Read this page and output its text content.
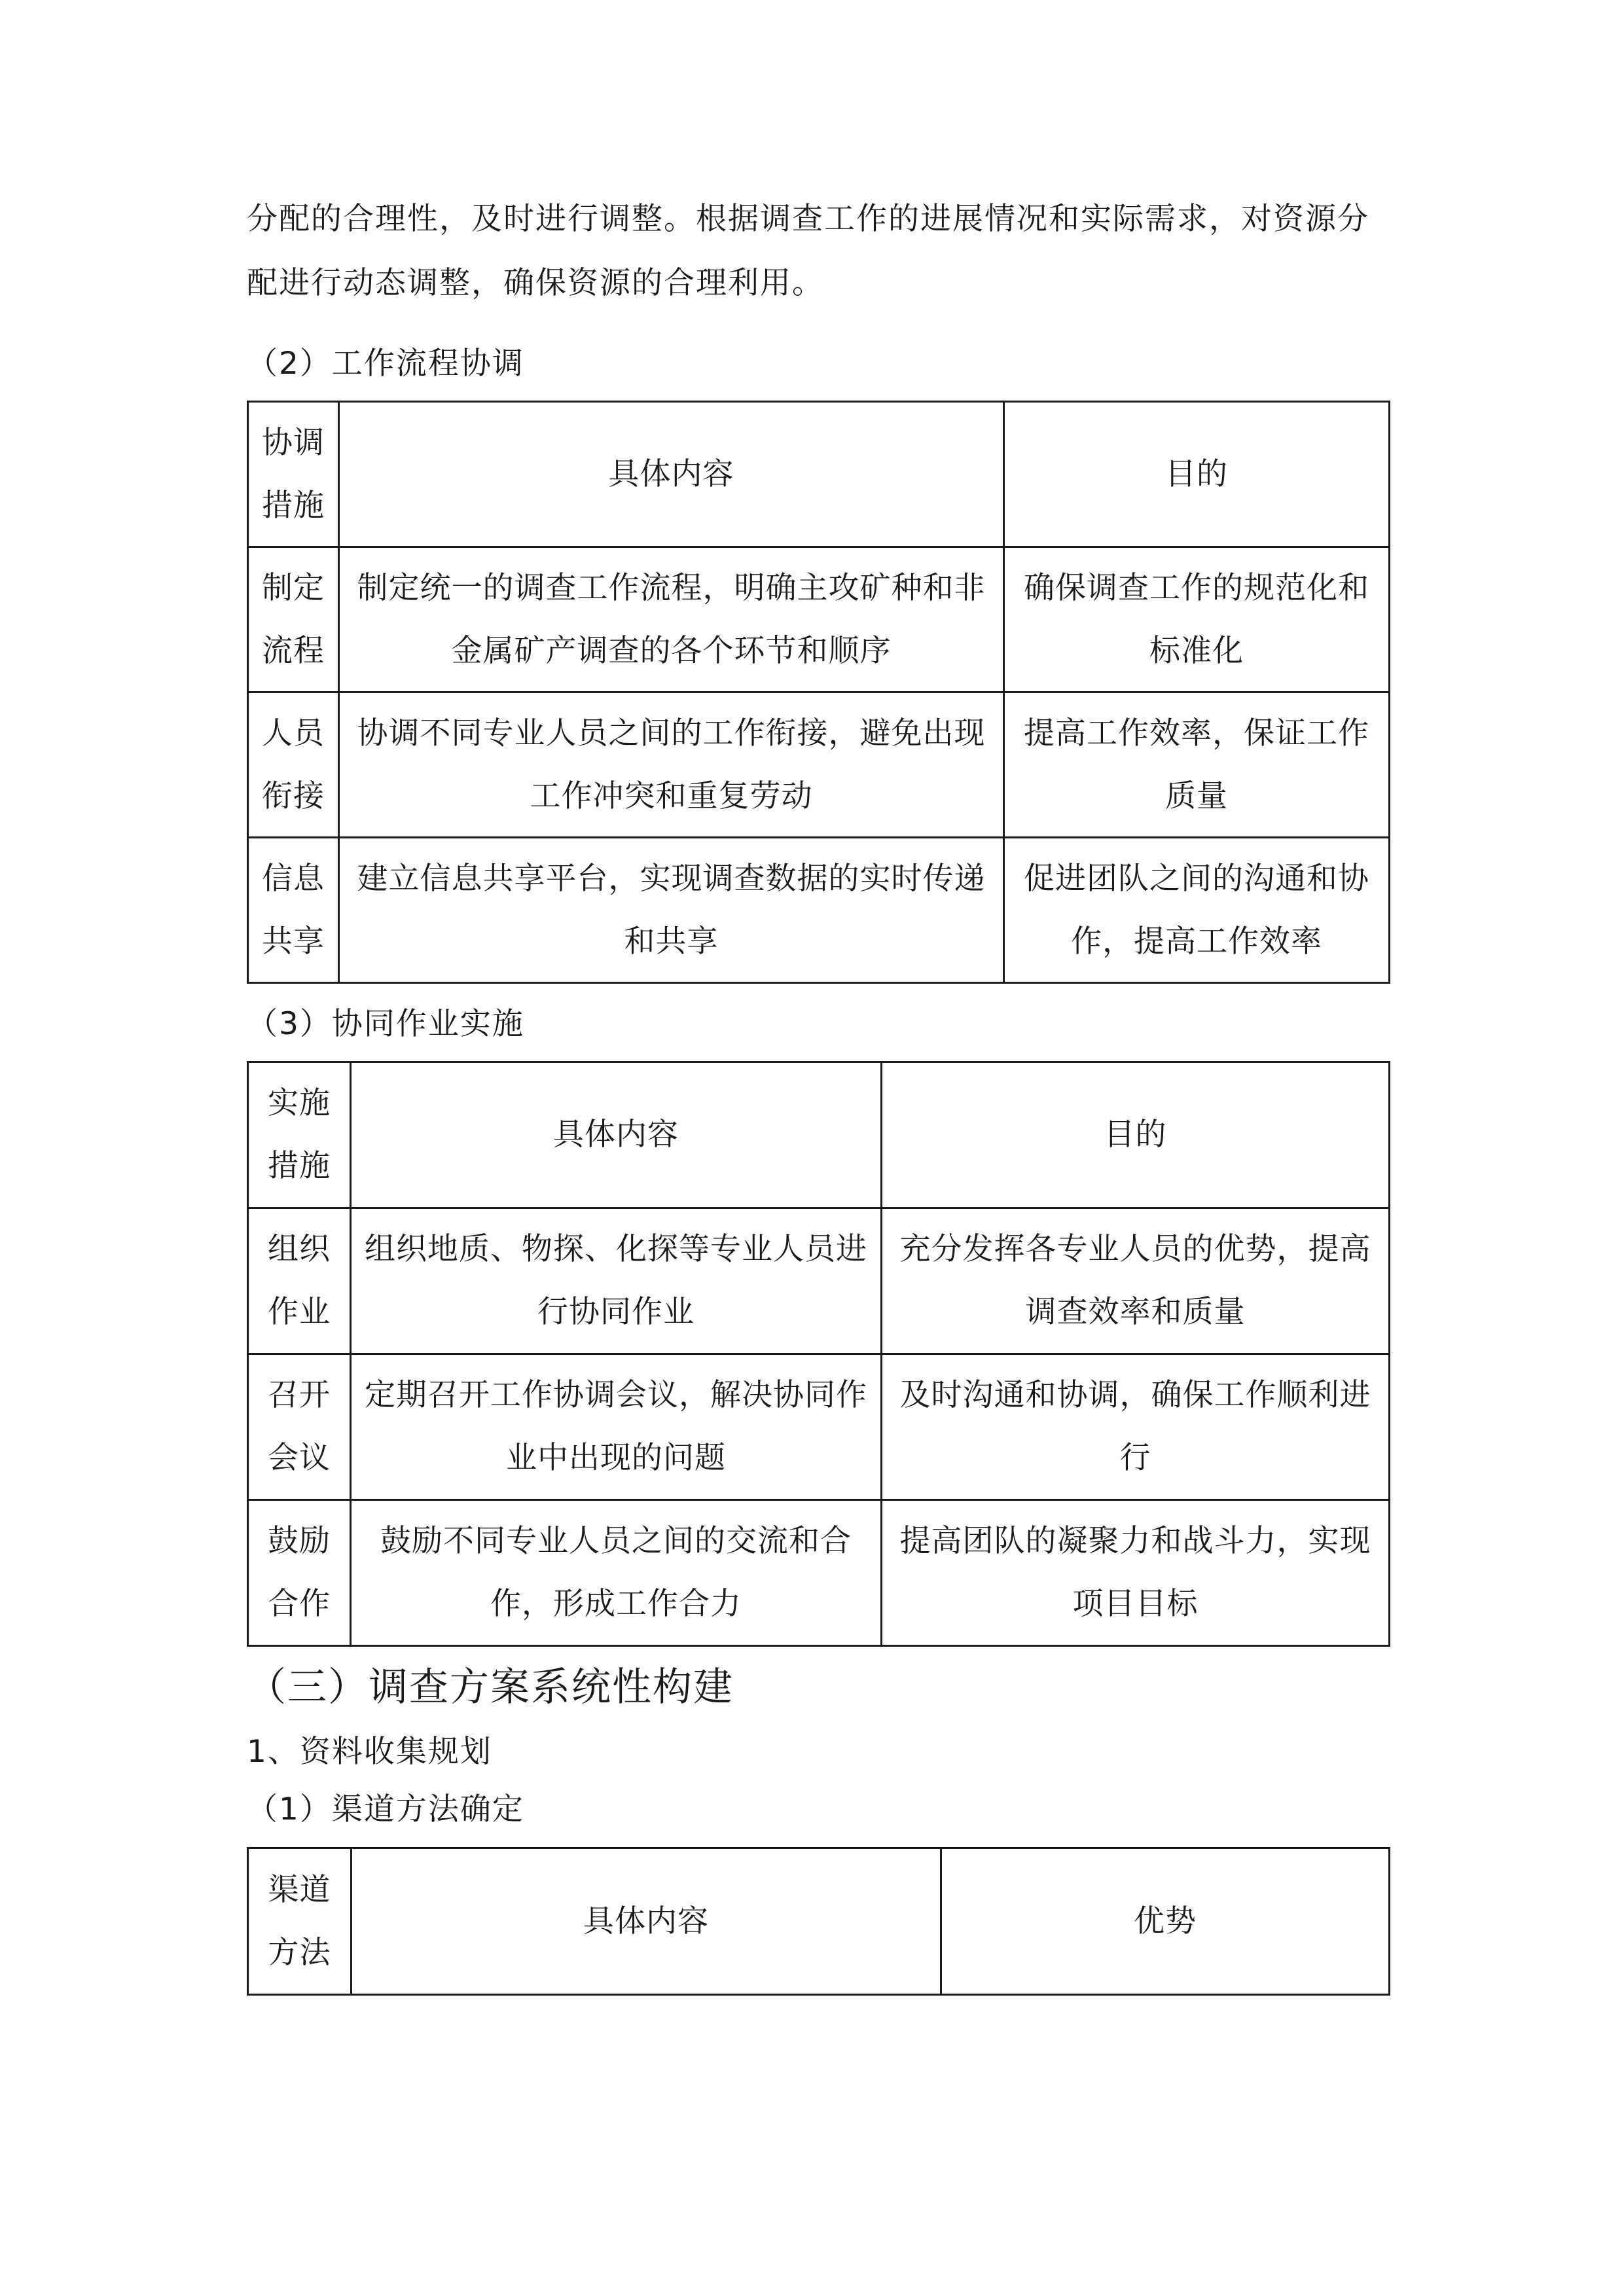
分配的合理性，及时进行调整。根据调查工作的进展情况和实际需求，对资源分配进行动态调整，确保资源的合理利用。
（2）工作流程协调
协调措施	具体内容	目的
制定流程	制定统一的调查工作流程，明确主攻矿种和非金属矿产调查的各个环节和顺序	确保调查工作的规范化和标准化
人员衔接	协调不同专业人员之间的工作衔接，避免出现工作冲突和重复劳动	提高工作效率，保证工作质量
信息共享	建立信息共享平台，实现调查数据的实时传递和共享	促进团队之间的沟通和协作，提高工作效率
（3）协同作业实施
实施措施	具体内容	目的
组织作业	组织地质、物探、化探等专业人员进行协同作业	充分发挥各专业人员的优势，提高调查效率和质量
召开会议	定期召开工作协调会议，解决协同作业中出现的问题	及时沟通和协调，确保工作顺利进行
鼓励合作	鼓励不同专业人员之间的交流和合作，形成工作合力	提高团队的凝聚力和战斗力，实现项目目标
（三）调查方案系统性构建
1、资料收集规划
（1）渠道方法确定
渠道方法	具体内容	优势
